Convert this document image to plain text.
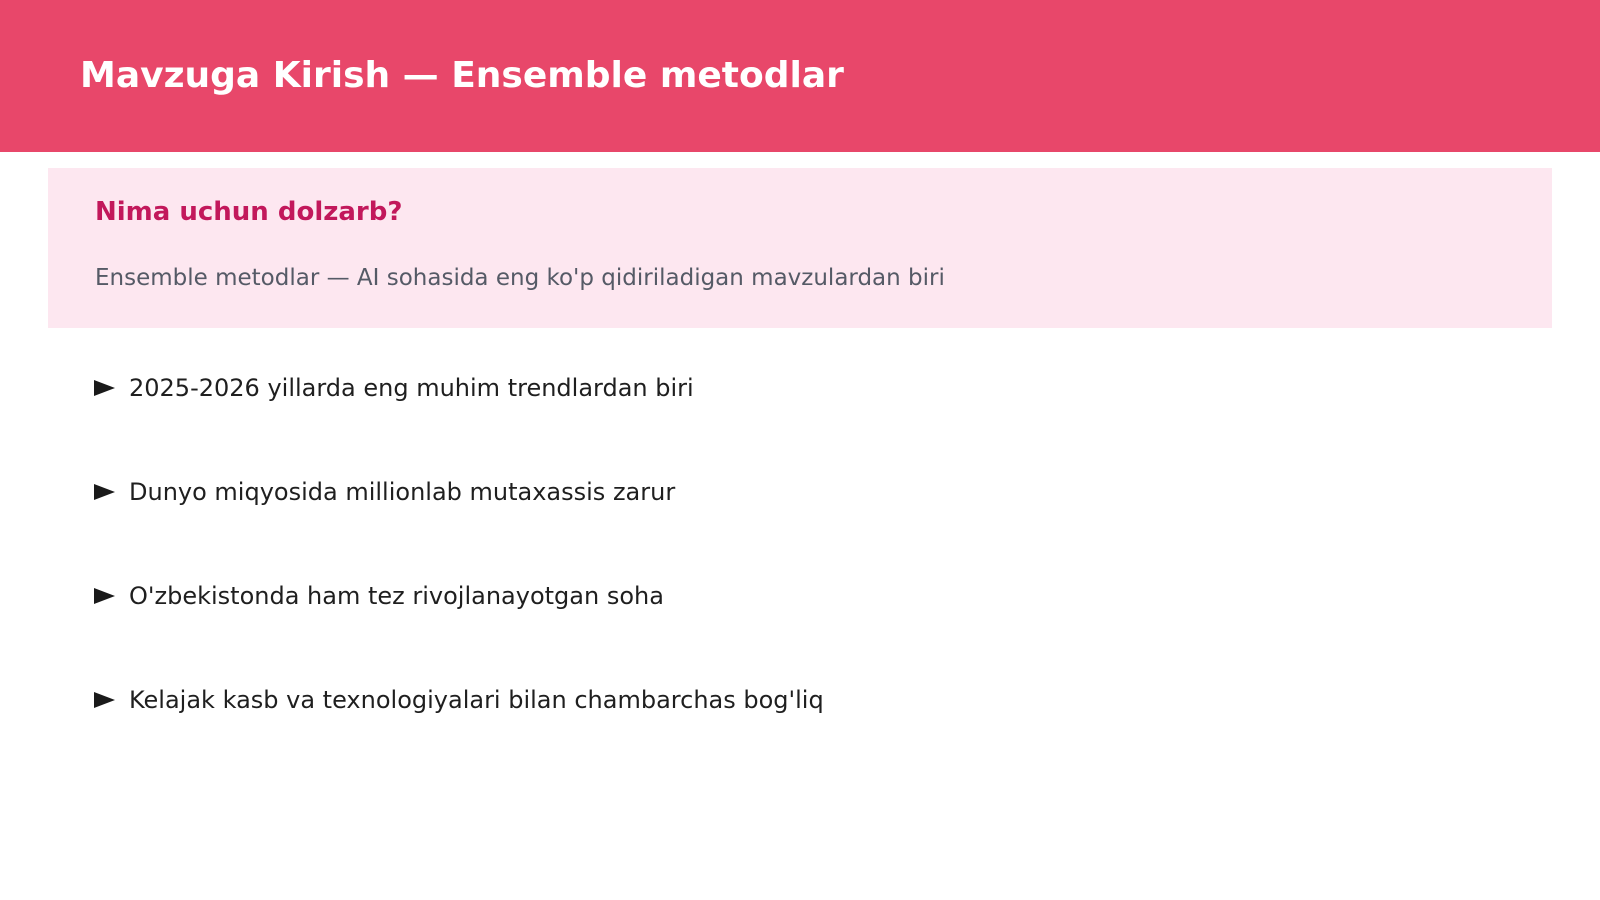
Mavzuga Kirish — Ensemble metodlar
Nima uchun dolzarb?

Ensemble metodlar — AI sohasida eng ko'p qidiriladigan mavzulardan biri

2025-2026 yillarda eng muhim trendlardan biri
Dunyo miqyosida millionlab mutaxassis zarur
O'zbekistonda ham tez rivojlanayotgan soha
Kelajak kasb va texnologiyalari bilan chambarchas bog'liq
